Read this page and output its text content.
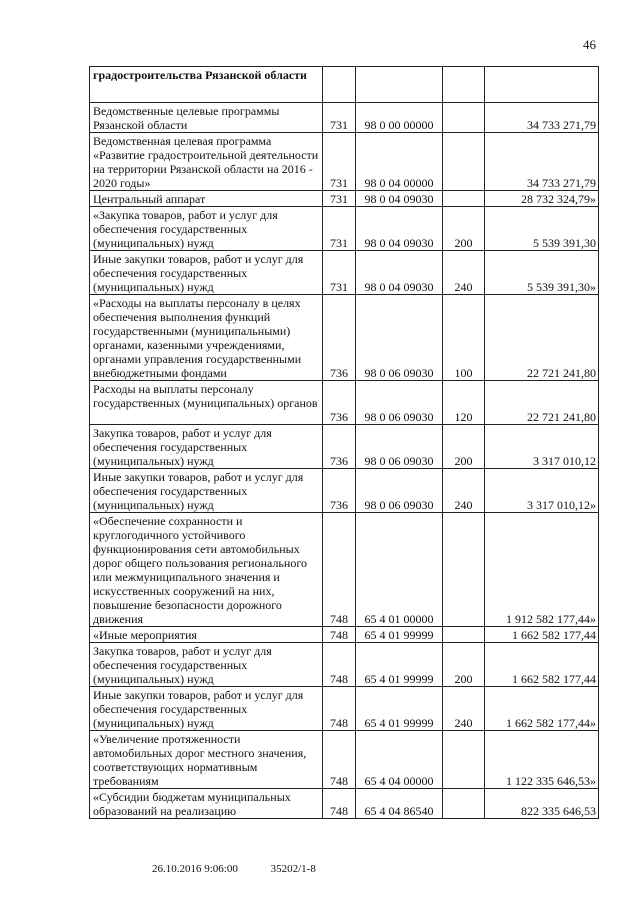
46
градостроительства Рязанской области				
Ведомственные целевые программы Рязанской области	731	98 0 00 00000		34 733 271,79
Ведомственная целевая программа «Развитие градостроительной деятельности на территории Рязанской области на 2016 - 2020 годы»	731	98 0 04 00000		34 733 271,79
Центральный аппарат	731	98 0 04 09030		28 732 324,79»
«Закупка товаров, работ и услуг для обеспечения государственных (муниципальных) нужд	731	98 0 04 09030	200	5 539 391,30
Иные закупки товаров, работ и услуг для обеспечения государственных (муниципальных) нужд	731	98 0 04 09030	240	5 539 391,30»
«Расходы на выплаты персоналу в целях обеспечения выполнения функций государственными (муниципальными) органами, казенными учреждениями, органами управления государственными внебюджетными фондами	736	98 0 06 09030	100	22 721 241,80
Расходы на выплаты персоналу государственных (муниципальных) органов	736	98 0 06 09030	120	22 721 241,80
Закупка товаров, работ и услуг для обеспечения государственных (муниципальных) нужд	736	98 0 06 09030	200	3 317 010,12
Иные закупки товаров, работ и услуг для обеспечения государственных (муниципальных) нужд	736	98 0 06 09030	240	3 317 010,12»
«Обеспечение сохранности и круглогодичного устойчивого функционирования сети автомобильных дорог общего пользования регионального или межмуниципального значения и искусственных сооружений на них, повышение безопасности дорожного движения	748	65 4 01 00000		1 912 582 177,44»
«Иные мероприятия	748	65 4 01 99999		1 662 582 177,44
Закупка товаров, работ и услуг для обеспечения государственных (муниципальных) нужд	748	65 4 01 99999	200	1 662 582 177,44
Иные закупки товаров, работ и услуг для обеспечения государственных (муниципальных) нужд	748	65 4 01 99999	240	1 662 582 177,44»
«Увеличение протяженности автомобильных дорог местного значения, соответствующих нормативным требованиям	748	65 4 04 00000		1 122 335 646,53»
«Субсидии бюджетам муниципальных образований на реализацию	748	65 4 04 86540		822 335 646,53
26.10.2016 9:06:00	35202/1-8
